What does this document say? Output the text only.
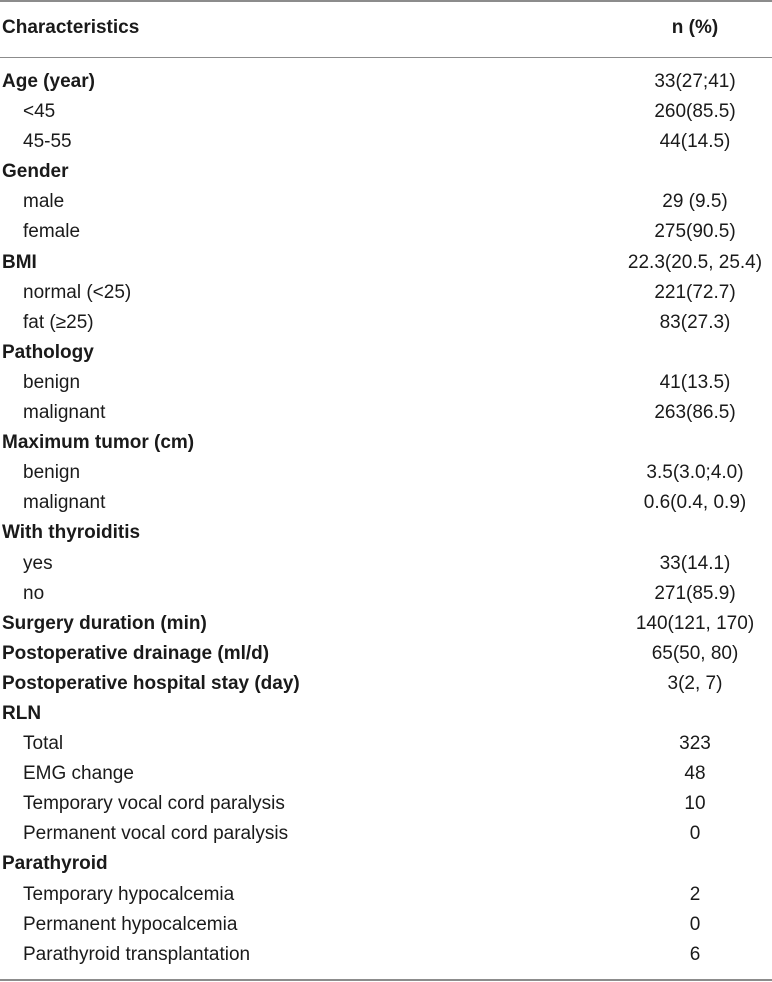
Characteristics	n (%)
Age (year)	33(27;41)
<45	260(85.5)
45-55	44(14.5)
Gender
male	29 (9.5)
female	275(90.5)
BMI	22.3(20.5, 25.4)
normal (<25)	221(72.7)
fat (≥25)	83(27.3)
Pathology
benign	41(13.5)
malignant	263(86.5)
Maximum tumor (cm)
benign	3.5(3.0;4.0)
malignant	0.6(0.4, 0.9)
With thyroiditis
yes	33(14.1)
no	271(85.9)
Surgery duration (min)	140(121, 170)
Postoperative drainage (ml/d)	65(50, 80)
Postoperative hospital stay (day)	3(2, 7)
RLN
Total	323
EMG change	48
Temporary vocal cord paralysis	10
Permanent vocal cord paralysis	0
Parathyroid
Temporary hypocalcemia	2
Permanent hypocalcemia	0
Parathyroid transplantation	6
